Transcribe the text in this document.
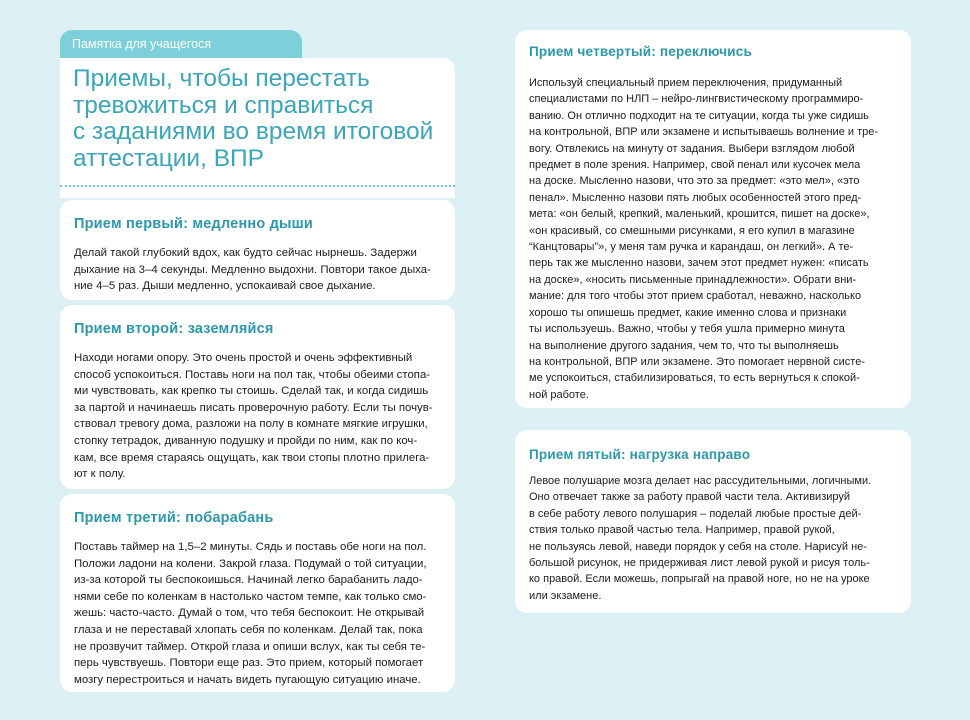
Памятка для учащегося
Приемы, чтобы перестать
тревожиться и справиться
с заданиями во время итоговой
аттестации, ВПР
Прием первый: медленно дыши

Делай такой глубокий вдох, как будто сейчас нырнешь. Задержи
дыхание на 3–4 секунды. Медленно выдохни. Повтори такое дыха-
ние 4–5 раз. Дыши медленно, успокаивай свое дыхание.

Прием второй: заземляйся

Находи ногами опору. Это очень простой и очень эффективный
способ успокоиться. Поставь ноги на пол так, чтобы обеими стопа-
ми чувствовать, как крепко ты стоишь. Сделай так, и когда сидишь
за партой и начинаешь писать проверочную работу. Если ты почув-
ствовал тревогу дома, разложи на полу в комнате мягкие игрушки,
стопку тетрадок, диванную подушку и пройди по ним, как по коч-
кам, все время стараясь ощущать, как твои стопы плотно прилега-
ют к полу.

Прием третий: побарабань

Поставь таймер на 1,5–2 минуты. Сядь и поставь обе ноги на пол.
Положи ладони на колени. Закрой глаза. Подумай о той ситуации,
из-за которой ты беспокоишься. Начинай легко барабанить ладо-
нями себе по коленкам в настолько частом темпе, как только смо-
жешь: часто-часто. Думай о том, что тебя беспокоит. Не открывай
глаза и не переставай хлопать себя по коленкам. Делай так, пока
не прозвучит таймер. Открой глаза и опиши вслух, как ты себя те-
перь чувствуешь. Повтори еще раз. Это прием, который помогает
мозгу перестроиться и начать видеть пугающую ситуацию иначе.

Прием четвертый: переключись

Используй специальный прием переключения, придуманный
специалистами по НЛП – нейро-лингвистическому программиро-
ванию. Он отлично подходит на те ситуации, когда ты уже сидишь
на контрольной, ВПР или экзамене и испытываешь волнение и тре-
вогу. Отвлекись на минуту от задания. Выбери взглядом любой
предмет в поле зрения. Например, свой пенал или кусочек мела
на доске. Мысленно назови, что это за предмет: «это мел», «это
пенал». Мысленно назови пять любых особенностей этого пред-
мета: «он белый, крепкий, маленький, крошится, пишет на доске»,
«он красивый, со смешными рисунками, я его купил в магазине
“Канцтовары”», у меня там ручка и карандаш, он легкий». А те-
перь так же мысленно назови, зачем этот предмет нужен: «писать
на доске», «носить письменные принадлежности». Обрати вни-
мание: для того чтобы этот прием сработал, неважно, насколько
хорошо ты опишешь предмет, какие именно слова и признаки
ты используешь. Важно, чтобы у тебя ушла примерно минута
на выполнение другого задания, чем то, что ты выполняешь
на контрольной, ВПР или экзамене. Это помогает нервной систе-
ме успокоиться, стабилизироваться, то есть вернуться к спокой-
ной работе.

Прием пятый: нагрузка направо

Левое полушарие мозга делает нас рассудительными, логичными.
Оно отвечает также за работу правой части тела. Активизируй
в себе работу левого полушария – поделай любые простые дей-
ствия только правой частью тела. Например, правой рукой,
не пользуясь левой, наведи порядок у себя на столе. Нарисуй не-
большой рисунок, не придерживая лист левой рукой и рисуя толь-
ко правой. Если можешь, попрыгай на правой ноге, но не на уроке
или экзамене.
